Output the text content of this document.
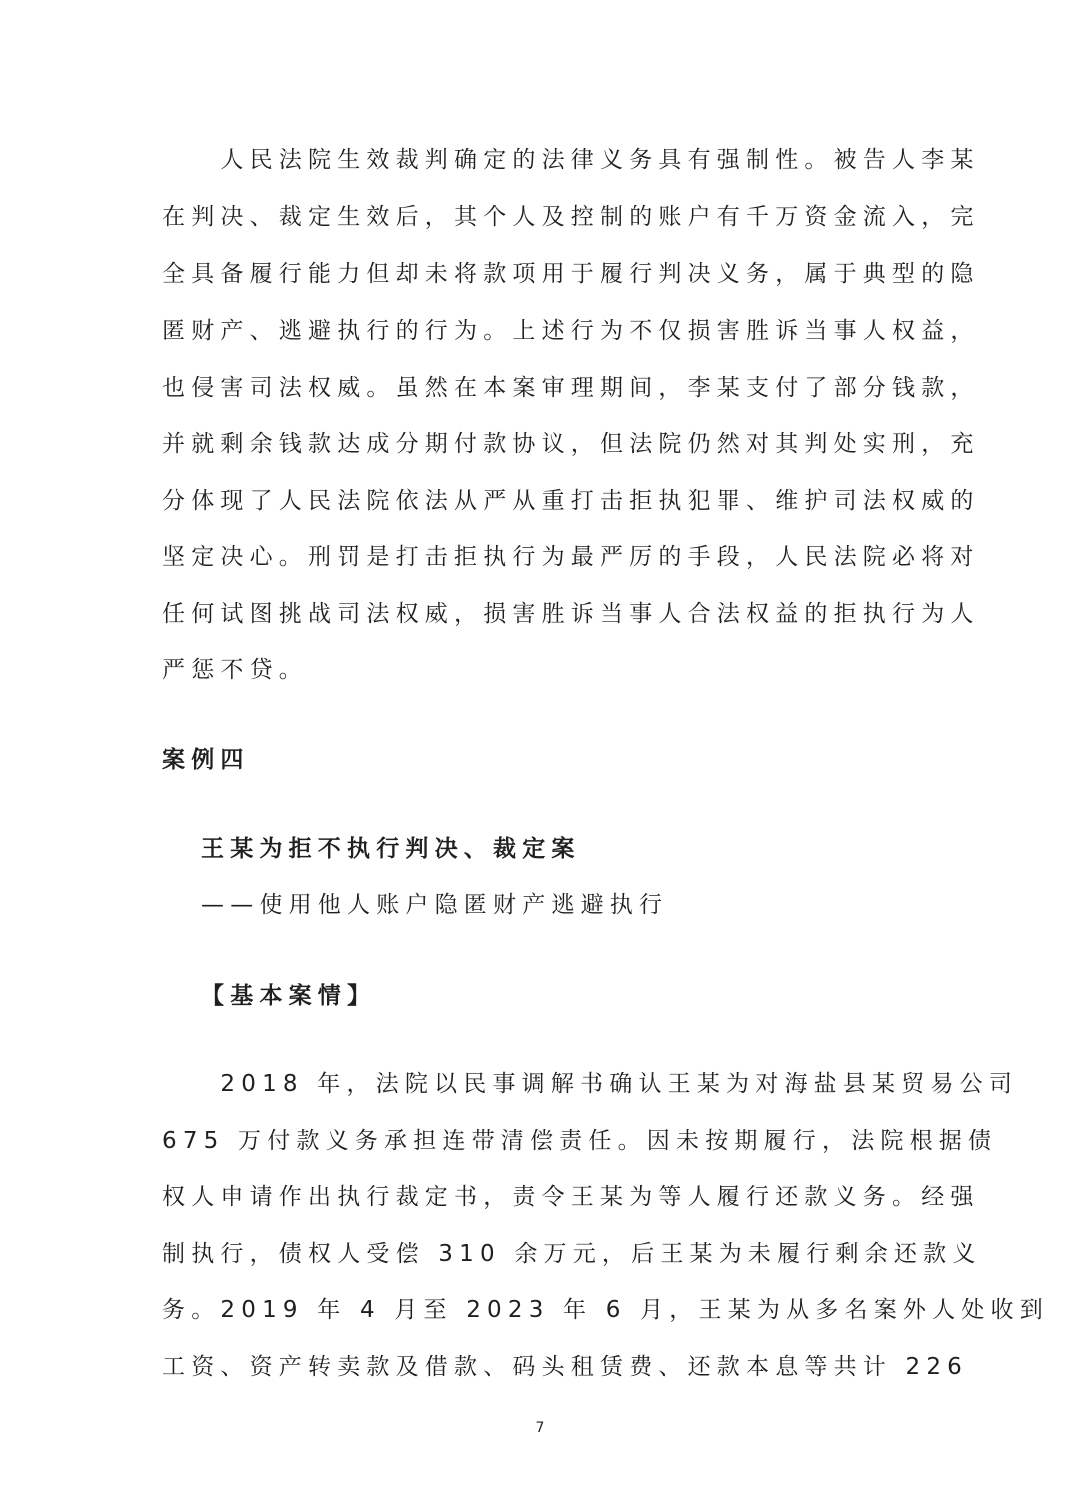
　　人民法院生效裁判确定的法律义务具有强制性。被告人李某
在判决、裁定生效后，其个人及控制的账户有千万资金流入，完
全具备履行能力但却未将款项用于履行判决义务，属于典型的隐
匿财产、逃避执行的行为。上述行为不仅损害胜诉当事人权益，
也侵害司法权威。虽然在本案审理期间，李某支付了部分钱款，
并就剩余钱款达成分期付款协议，但法院仍然对其判处实刑，充
分体现了人民法院依法从严从重打击拒执犯罪、维护司法权威的
坚定决心。刑罚是打击拒执行为最严厉的手段，人民法院必将对
任何试图挑战司法权威，损害胜诉当事人合法权益的拒执行为人
严惩不贷。
案例四
王某为拒不执行判决、裁定案
——使用他人账户隐匿财产逃避执行
【基本案情】
　　2018 年，法院以民事调解书确认王某为对海盐县某贸易公司
675 万付款义务承担连带清偿责任。因未按期履行，法院根据债
权人申请作出执行裁定书，责令王某为等人履行还款义务。经强
制执行，债权人受偿 310 余万元，后王某为未履行剩余还款义
务。2019 年 4 月至 2023 年 6 月，王某为从多名案外人处收到
工资、资产转卖款及借款、码头租赁费、还款本息等共计 226
7
